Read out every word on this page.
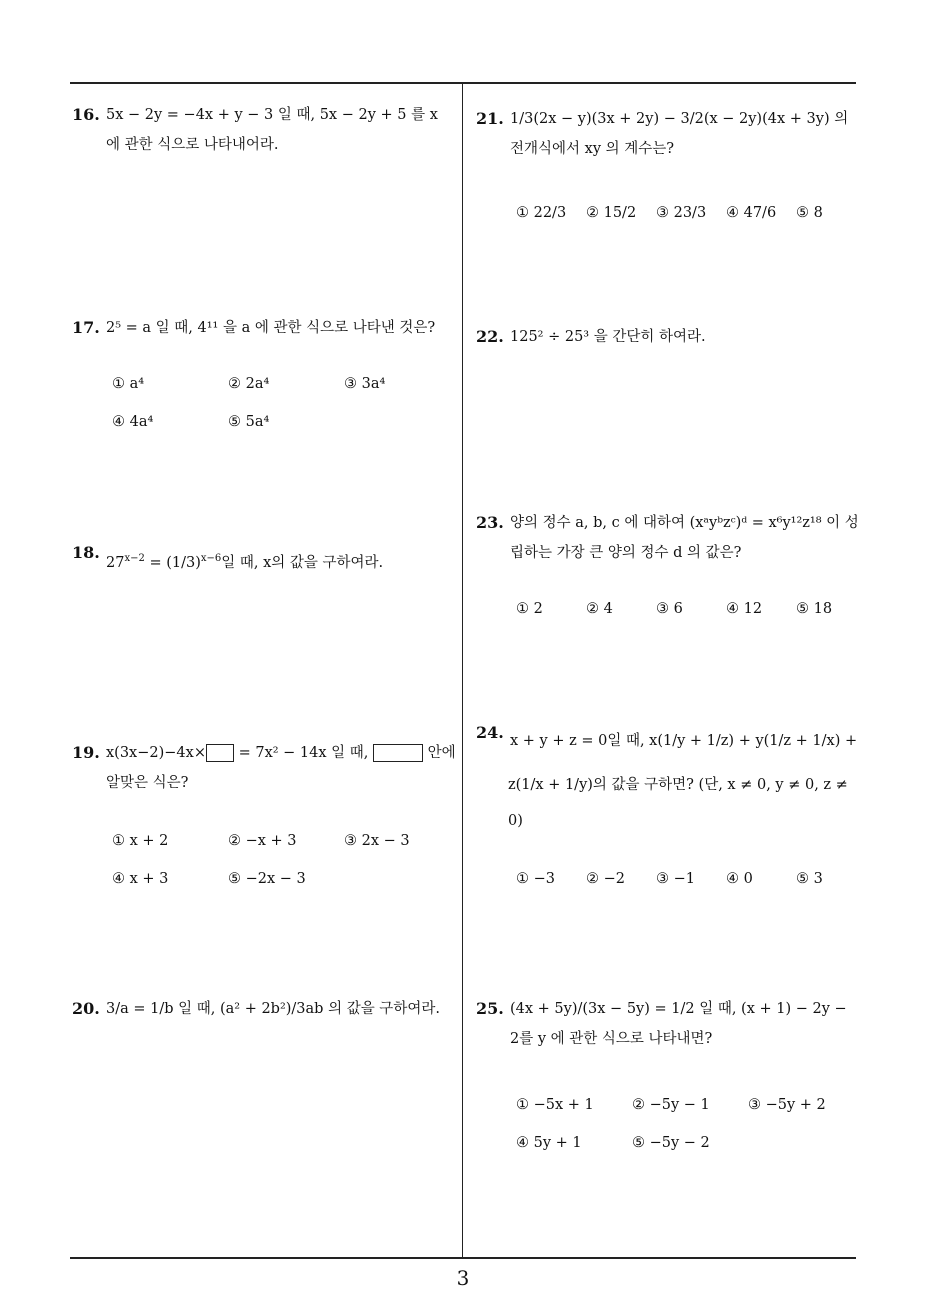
16. 5x − 2y = −4x + y − 3 일 때, 5x − 2y + 5 를 x 에 관한 식으로 나타내어라.
17. 2⁵ = a 일 때, 4¹¹ 을 a 에 관한 식으로 나타낸 것은?
① a⁴	② 2a⁴	③ 3a⁴
④ 4a⁴	⑤ 5a⁴
18.
$27^{x-2} = (1/3)^{x-6}$일 때, x의 값을 구하여라.
19. x(3x−2)−4x× = 7x² − 14x 일 때,	안에 알맞은 식은?
① x + 2	② −x + 3	③ 2x − 3
④ x + 3	⑤ −2x − 3
20. 3/a = 1/b 일 때, (a² + 2b²)/3ab 의 값을 구하여라.
21. 1/3(2x − y)(3x + 2y) − 3/2(x − 2y)(4x + 3y) 의 전개식에서 xy 의 계수는?
① 22/3 ② 15/2 ③ 23/3 ④ 47/6 ⑤ 8
22. 125² ÷ 25³ 을 간단히 하여라.
23. 양의 정수 a, b, c 에 대하여 (xᵃyᵇzᶜ)ᵈ = x⁶y¹²z¹⁸ 이 성립하는 가장 큰 양의 정수 d 의 값은?
① 2	② 4	③ 6	④ 12 ⑤ 18
24. x + y + z = 0일 때, x(1/y + 1/z) + y(1/z + 1/x) +
z(1/x + 1/y)의 값을 구하면? (단, x ≠ 0, y ≠ 0, z ≠
0)
① −3 ② −2 ③ −1 ④ 0	⑤ 3
25. (4x + 5y)/(3x − 5y) = 1/2 일 때, (x + 1) − 2y − 2를 y 에 관한 식으로 나타내면?
① −5x + 1	② −5y − 1	③ −5y + 2
④ 5y + 1	⑤ −5y − 2
3
